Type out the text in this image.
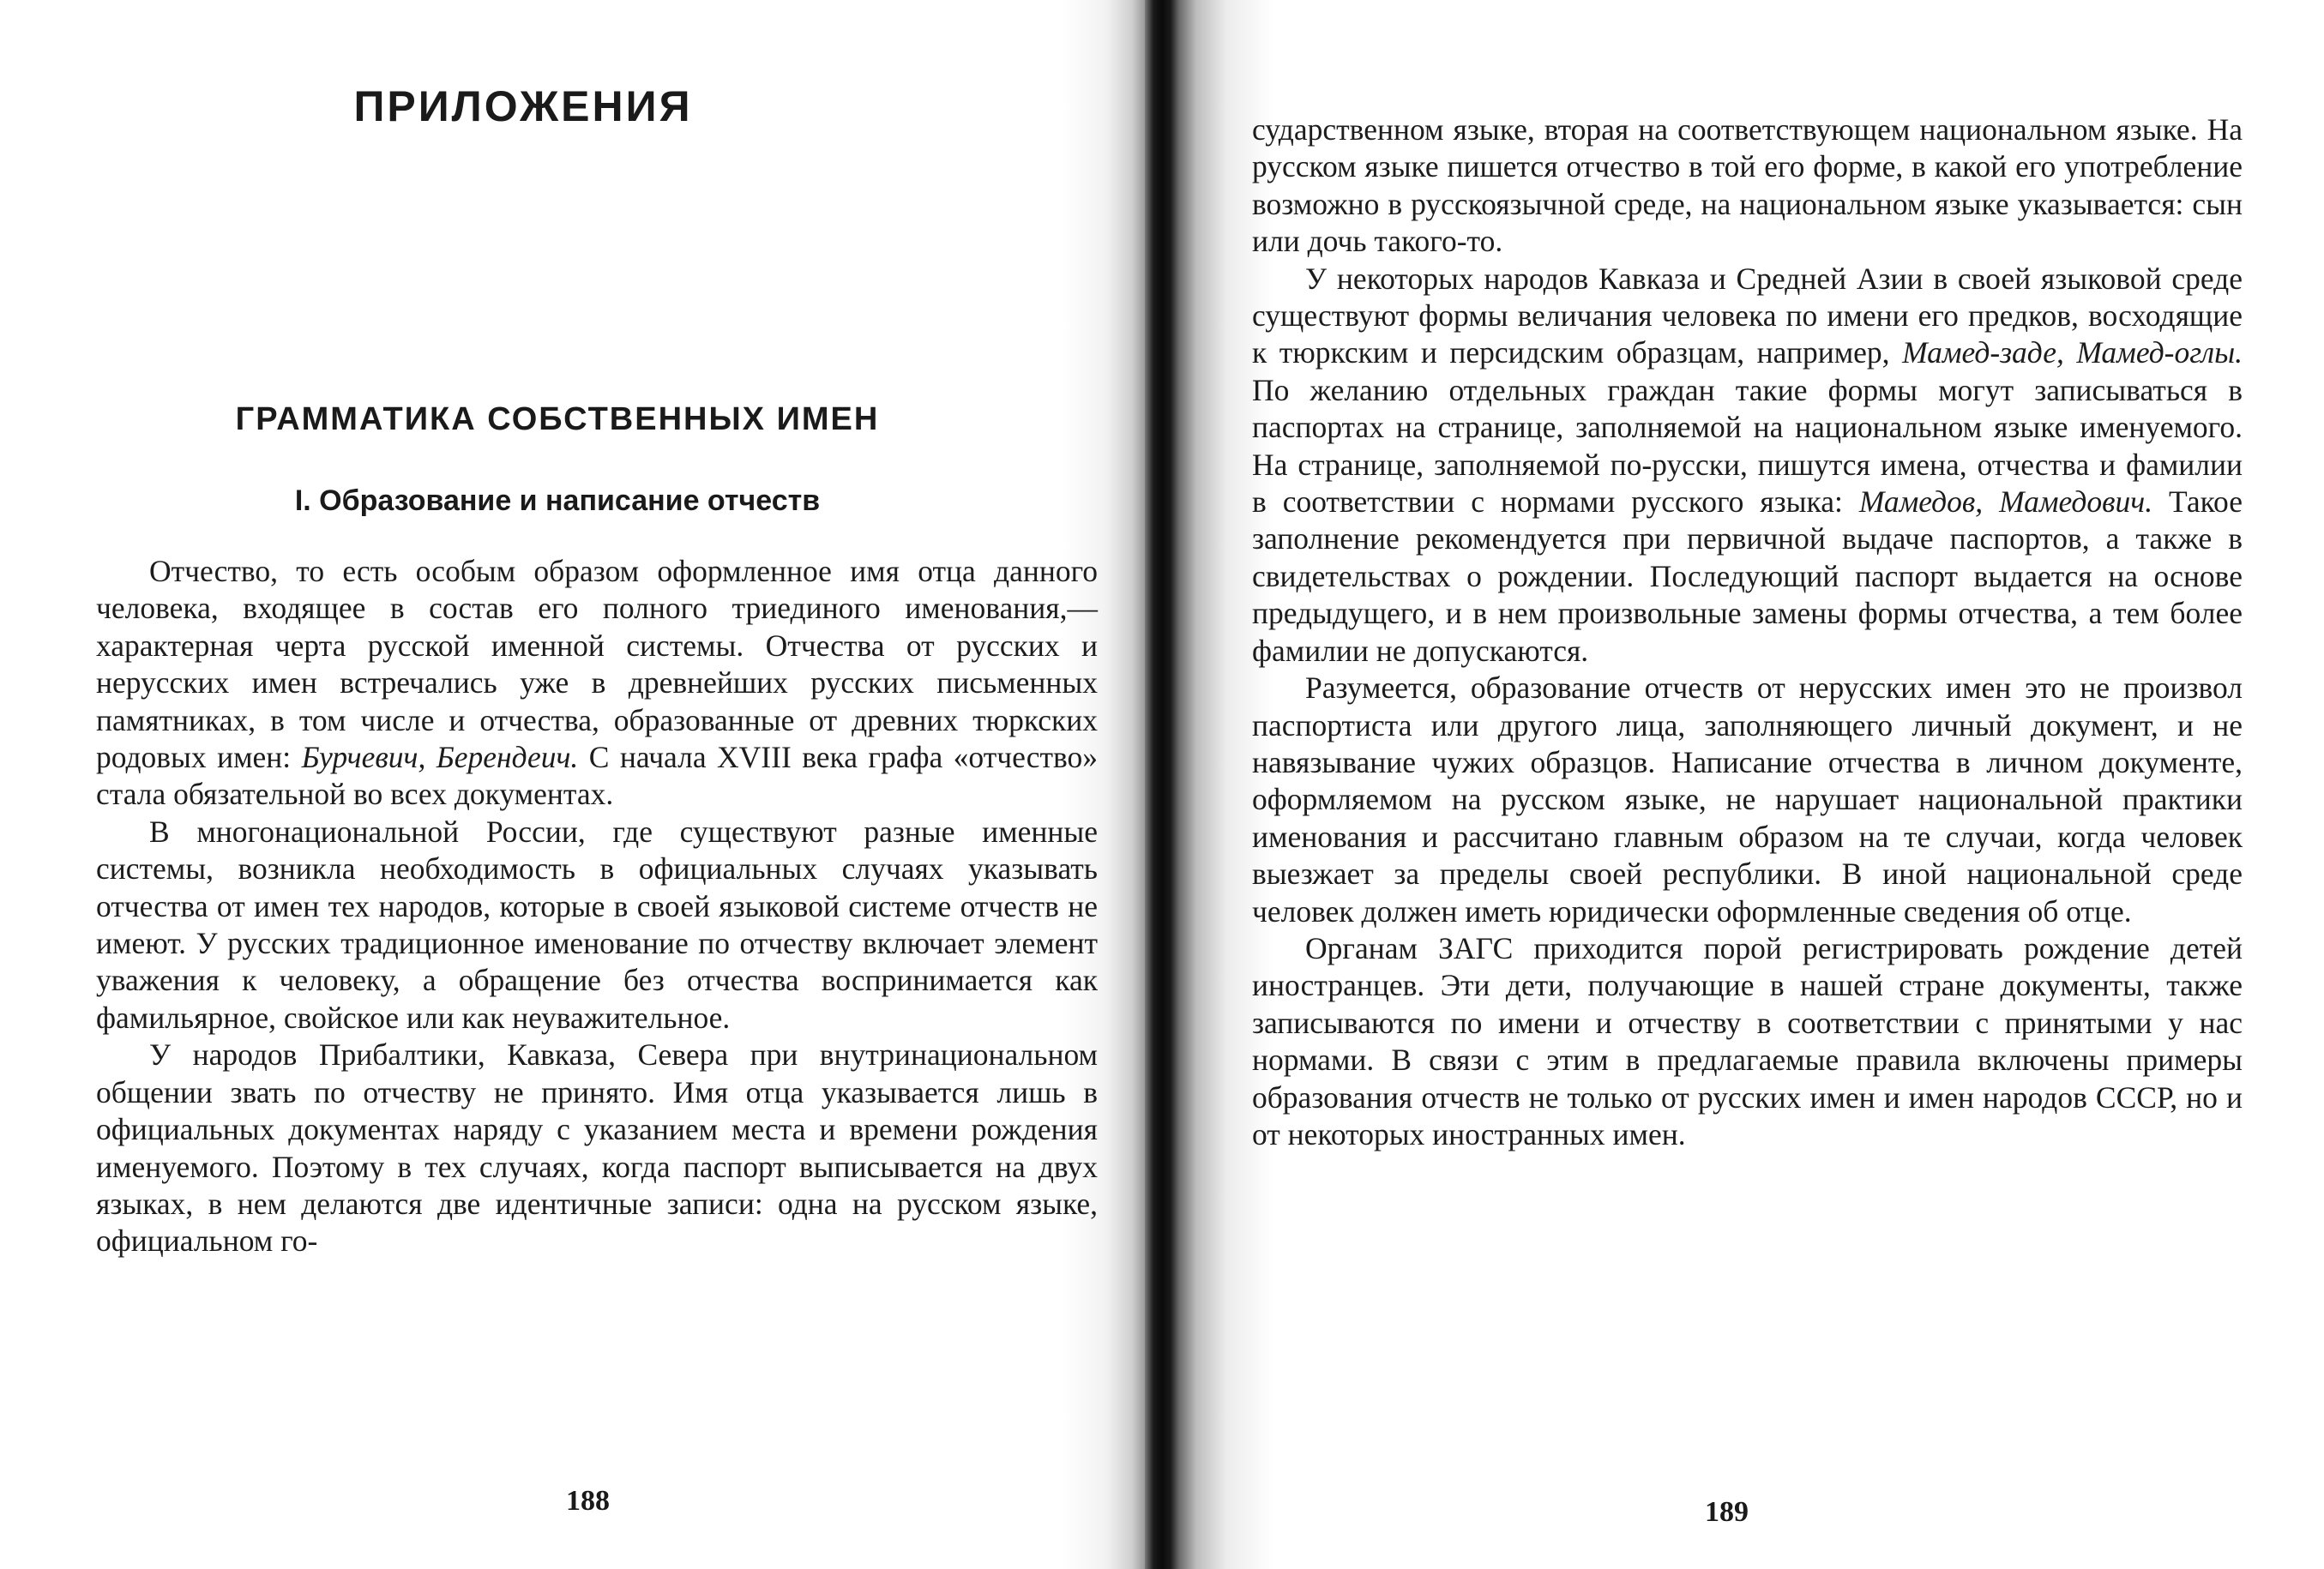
ПРИЛОЖЕНИЯ
ГРАММАТИКА СОБСТВЕННЫХ ИМЕН
I. Образование и написание отчеств

Отчество, то есть особым образом оформленное имя отца данного человека, входящее в состав его полного триединого именования,— характерная черта русской именной системы. Отчества от русских и нерусских имен встречались уже в древнейших русских письменных памятниках, в том числе и отчества, образованные от древних тюркских родовых имен: Бурчевич, Берендеич. С начала XVIII века графа «отчество» стала обязательной во всех документах.

В многонациональной России, где существуют разные именные системы, возникла необходимость в официальных случаях указывать отчества от имен тех народов, которые в своей языковой системе отчеств не имеют. У русских традиционное именование по отчеству включает элемент уважения к человеку, а обращение без отчества воспринимается как фамильярное, свойское или как неуважительное.

У народов Прибалтики, Кавказа, Севера при внутринациональном общении звать по отчеству не принято. Имя отца указывается лишь в официальных документах наряду с указанием места и времени рождения именуемого. Поэтому в тех случаях, когда паспорт выписывается на двух языках, в нем делаются две идентичные записи: одна на русском языке, официальном го-

188

сударственном языке, вторая на соответствующем национальном языке. На русском языке пишется отчество в той его форме, в какой его употребление возможно в русскоязычной среде, на национальном языке указывается: сын или дочь такого-то.

У некоторых народов Кавказа и Средней Азии в своей языковой среде существуют формы величания человека по имени его предков, восходящие к тюркским и персидским образцам, например, Мамед-заде, Мамед-оглы. По желанию отдельных граждан такие формы могут записываться в паспортах на странице, заполняемой на национальном языке именуемого. На странице, заполняемой по-русски, пишутся имена, отчества и фамилии в соответствии с нормами русского языка: Мамедов, Мамедович. Такое заполнение рекомендуется при первичной выдаче паспортов, а также в свидетельствах о рождении. Последующий паспорт выдается на основе предыдущего, и в нем произвольные замены формы отчества, а тем более фамилии не допускаются.

Разумеется, образование отчеств от нерусских имен это не произвол паспортиста или другого лица, заполняющего личный документ, и не навязывание чужих образцов. Написание отчества в личном документе, оформляемом на русском языке, не нарушает национальной практики именования и рассчитано главным образом на те случаи, когда человек выезжает за пределы своей республики. В иной национальной среде человек должен иметь юридически оформленные сведения об отце.

Органам ЗАГС приходится порой регистрировать рождение детей иностранцев. Эти дети, получающие в нашей стране документы, также записываются по имени и отчеству в соответствии с принятыми у нас нормами. В связи с этим в предлагаемые правила включены примеры образования отчеств не только от русских имен и имен народов СССР, но и от некоторых иностранных имен.

189
